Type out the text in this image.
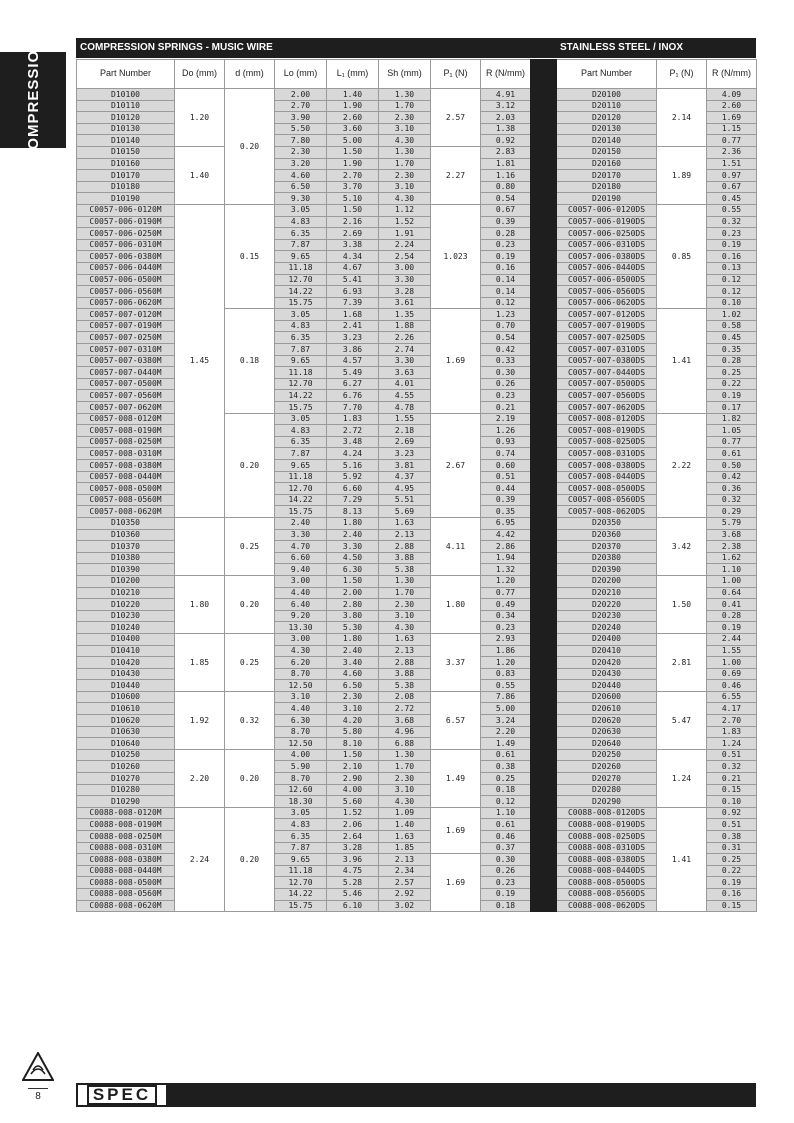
COMPRESSION	COMPRESSION SPRINGS - MUSIC WIRE	STAINLESS STEEL / INOX
Part Number	Do (mm)	d (mm)	Lo (mm)	L₁ (mm)	Sh (mm)	P₁ (N)	R (N/mm)
D10100	1.20	0.20	2.00	1.40	1.30	2.57	4.91
D10110			2.70	1.90	1.70		3.12
D10120			3.90	2.60	2.30		2.03
D10130			5.50	3.60	3.10		1.38
D10140			7.80	5.00	4.30		0.92
D10150	1.40		2.30	1.50	1.30	2.27	2.83
D10160			3.20	1.90	1.70		1.81
D10170			4.60	2.70	2.30		1.16
D10180			6.50	3.70	3.10		0.80
D10190			9.30	5.10	4.30		0.54
C0057-006-0120M	1.45	0.15	3.05	1.50	1.12	1.023	0.67
C0057-006-0190M			4.83	2.16	1.52		0.39
C0057-006-0250M			6.35	2.69	1.91		0.28
C0057-006-0310M			7.87	3.38	2.24		0.23
C0057-006-0380M			9.65	4.34	2.54		0.19
C0057-006-0440M			11.18	4.67	3.00		0.16
C0057-006-0500M			12.70	5.41	3.30		0.14
C0057-006-0560M			14.22	6.93	3.28		0.14
C0057-006-0620M			15.75	7.39	3.61		0.12
C0057-007-0120M		0.18	3.05	1.68	1.35	1.69	1.23
C0057-007-0190M			4.83	2.41	1.88		0.70
C0057-007-0250M			6.35	3.23	2.26		0.54
C0057-007-0310M			7.87	3.86	2.74		0.42
C0057-007-0380M			9.65	4.57	3.30		0.33
C0057-007-0440M			11.18	5.49	3.63		0.30
C0057-007-0500M			12.70	6.27	4.01		0.26
C0057-007-0560M			14.22	6.76	4.55		0.23
C0057-007-0620M			15.75	7.70	4.78		0.21
C0057-008-0120M		0.20	3.05	1.83	1.55	2.67	2.19
C0057-008-0190M			4.83	2.72	2.18		1.26
C0057-008-0250M			6.35	3.48	2.69		0.93
C0057-008-0310M			7.87	4.24	3.23		0.74
C0057-008-0380M			9.65	5.16	3.81		0.60
C0057-008-0440M			11.18	5.92	4.37		0.51
C0057-008-0500M			12.70	6.60	4.95		0.44
C0057-008-0560M			14.22	7.29	5.51		0.39
C0057-008-0620M			15.75	8.13	5.69		0.35
D10350		0.25	2.40	1.80	1.63	4.11	6.95
D10360			3.30	2.40	2.13		4.42
D10370			4.70	3.30	2.88		2.86
D10380			6.60	4.50	3.88		1.94
D10390			9.40	6.30	5.38		1.32
D10200	1.80	0.20	3.00	1.50	1.30	1.80	1.20
D10210			4.40	2.00	1.70		0.77
D10220			6.40	2.80	2.30		0.49
D10230			9.20	3.80	3.10		0.34
D10240			13.30	5.30	4.30		0.23
D10400	1.85	0.25	3.00	1.80	1.63	3.37	2.93
D10410			4.30	2.40	2.13		1.86
D10420			6.20	3.40	2.88		1.20
D10430			8.70	4.60	3.88		0.83
D10440			12.50	6.50	5.38		0.55
D10600	1.92	0.32	3.10	2.30	2.08	6.57	7.86
D10610			4.40	3.10	2.72		5.00
D10620			6.30	4.20	3.68		3.24
D10630			8.70	5.80	4.96		2.20
D10640			12.50	8.10	6.88		1.49
D10250	2.20	0.20	4.00	1.50	1.30	1.49	0.61
D10260			5.90	2.10	1.70		0.38
D10270			8.70	2.90	2.30		0.25
D10280			12.60	4.00	3.10		0.18
D10290			18.30	5.60	4.30		0.12
C0088-008-0120M	2.24	0.20	3.05	1.52	1.09	1.69	1.10
C0088-008-0190M			4.83	2.06	1.40		0.61
C0088-008-0250M			6.35	2.64	1.63		0.46
C0088-008-0310M			7.87	3.28	1.85		0.37
C0088-008-0380M			9.65	3.96	2.13	1.69	0.30
C0088-008-0440M			11.18	4.75	2.34		0.26
C0088-008-0500M			12.70	5.28	2.57		0.23
C0088-008-0560M			14.22	5.46	2.92		0.19
C0088-008-0620M			15.75	6.10	3.02		0.18
	Part Number	P₁ (N)	R (N/mm)
	D20100	2.14	4.09
	D20110		2.60
	D20120		1.69
	D20130		1.15
	D20140		0.77
	D20150	1.89	2.36
	D20160		1.51
	D20170		0.97
	D20180		0.67
	D20190		0.45
	C0057-006-0120DS	0.85	0.55
	C0057-006-0190DS		0.32
	C0057-006-0250DS		0.23
	C0057-006-0310DS		0.19
	C0057-006-0380DS		0.16
	C0057-006-0440DS		0.13
	C0057-006-0500DS		0.12
	C0057-006-0560DS		0.12
	C0057-006-0620DS		0.10
	C0057-007-0120DS	1.41	1.02
	C0057-007-0190DS		0.58
	C0057-007-0250DS		0.45
	C0057-007-0310DS		0.35
	C0057-007-0380DS		0.28
	C0057-007-0440DS		0.25
	C0057-007-0500DS		0.22
	C0057-007-0560DS		0.19
	C0057-007-0620DS		0.17
	C0057-008-0120DS	2.22	1.82
	C0057-008-0190DS		1.05
	C0057-008-0250DS		0.77
	C0057-008-0310DS		0.61
	C0057-008-0380DS		0.50
	C0057-008-0440DS		0.42
	C0057-008-0500DS		0.36
	C0057-008-0560DS		0.32
	C0057-008-0620DS		0.29
	D20350	3.42	5.79
	D20360		3.68
	D20370		2.38
	D20380		1.62
	D20390		1.10
	D20200	1.50	1.00
	D20210		0.64
	D20220		0.41
	D20230		0.28
	D20240		0.19
	D20400	2.81	2.44
	D20410		1.55
	D20420		1.00
	D20430		0.69
	D20440		0.46
	D20600	5.47	6.55
	D20610		4.17
	D20620		2.70
	D20630		1.83
	D20640		1.24
	D20250	1.24	0.51
	D20260		0.32
	D20270		0.21
	D20280		0.15
	D20290		0.10
	C0088-008-0120DS	1.41	0.92
	C0088-008-0190DS		0.51
	C0088-008-0250DS		0.38
	C0088-008-0310DS		0.31
	C0088-008-0380DS		0.25
	C0088-008-0440DS		0.22
	C0088-008-0500DS		0.19
	C0088-008-0560DS		0.16
	C0088-008-0620DS		0.15
8	SPEC
